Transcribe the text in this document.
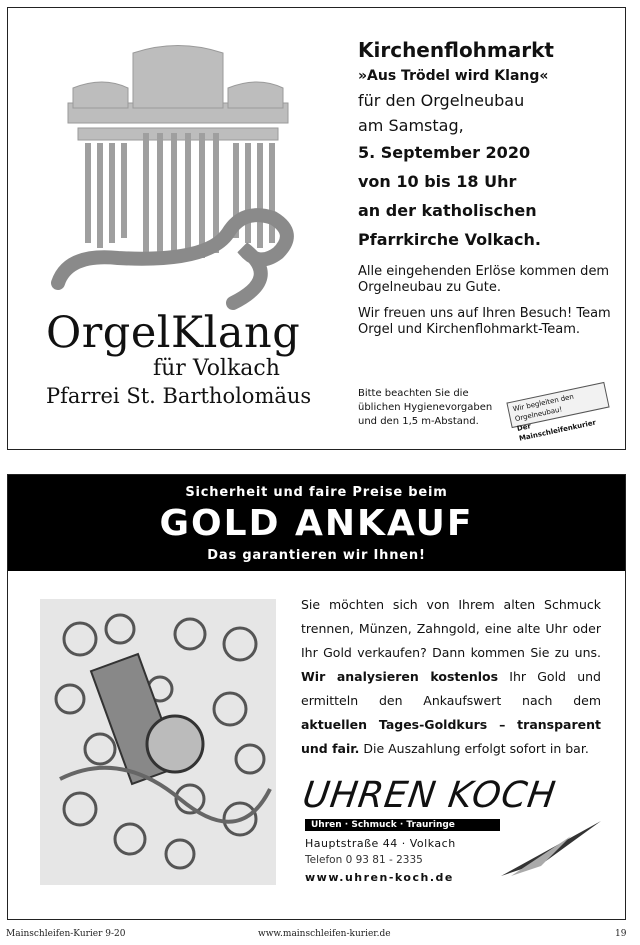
OrgelKlang
für Volkach
Pfarrei St. Bartholomäus
Kirchenflohmarkt
»Aus Trödel wird Klang«
für den Orgelneubau
am Samstag,
5. September 2020
von 10 bis 18 Uhr
an der katholischen
Pfarrkirche Volkach.
Alle eingehenden Erlöse kommen dem Orgelneubau zu Gute.
Wir freuen uns auf Ihren Besuch! Team Orgel und Kirchenflohmarkt-Team.
Bitte beachten Sie die üblichen Hygienevorgaben und den 1,5 m-Abstand.
Wir begleiten den Orgelneubau!
Der Mainschleifenkurier
Sicherheit und faire Preise beim
GOLD ANKAUF
Das garantieren wir Ihnen!
Sie möchten sich von Ihrem alten Schmuck trennen, Münzen, Zahngold, eine alte Uhr oder Ihr Gold verkaufen? Dann kommen Sie zu uns. Wir analysieren kostenlos Ihr Gold und ermitteln den Ankaufswert nach dem aktuellen Tages-Goldkurs – transparent und fair. Die Auszahlung erfolgt sofort in bar.
UHREN KOCH
Uhren · Schmuck · Trauringe
Hauptstraße 44 · Volkach
Telefon 0 93 81 - 2335
www.uhren-koch.de
Mainschleifen-Kurier 9-20	www.mainschleifen-kurier.de	19
